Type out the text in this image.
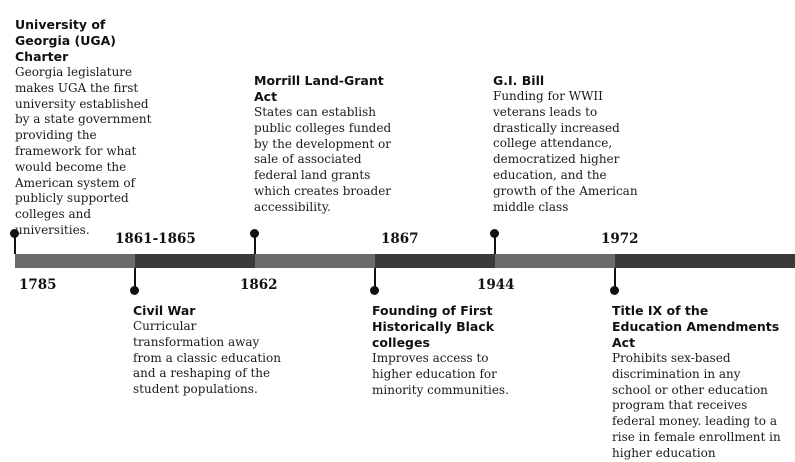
1785
1861-1865
1862
1867
1944
1972
University of Georgia (UGA) Charter
Georgia legislature makes UGA the first university established by a state government providing the framework for what would become the American system of publicly supported colleges and universities.
Civil War
Curricular transformation away from a classic education and a reshaping of the student populations.
Morrill Land-Grant Act
States can establish public colleges funded by the development or sale of associated federal land grants which creates broader accessibility.
Founding of First Historically Black colleges
Improves access to higher education for minority communities.
G.I. Bill
Funding for WWII veterans leads to drastically increased college attendance, democratized higher education, and the growth of the American middle class
Title IX of the Education Amendments Act
Prohibits sex-based discrimination in any school or other education program that receives federal money. leading to a rise in female enrollment in higher education
